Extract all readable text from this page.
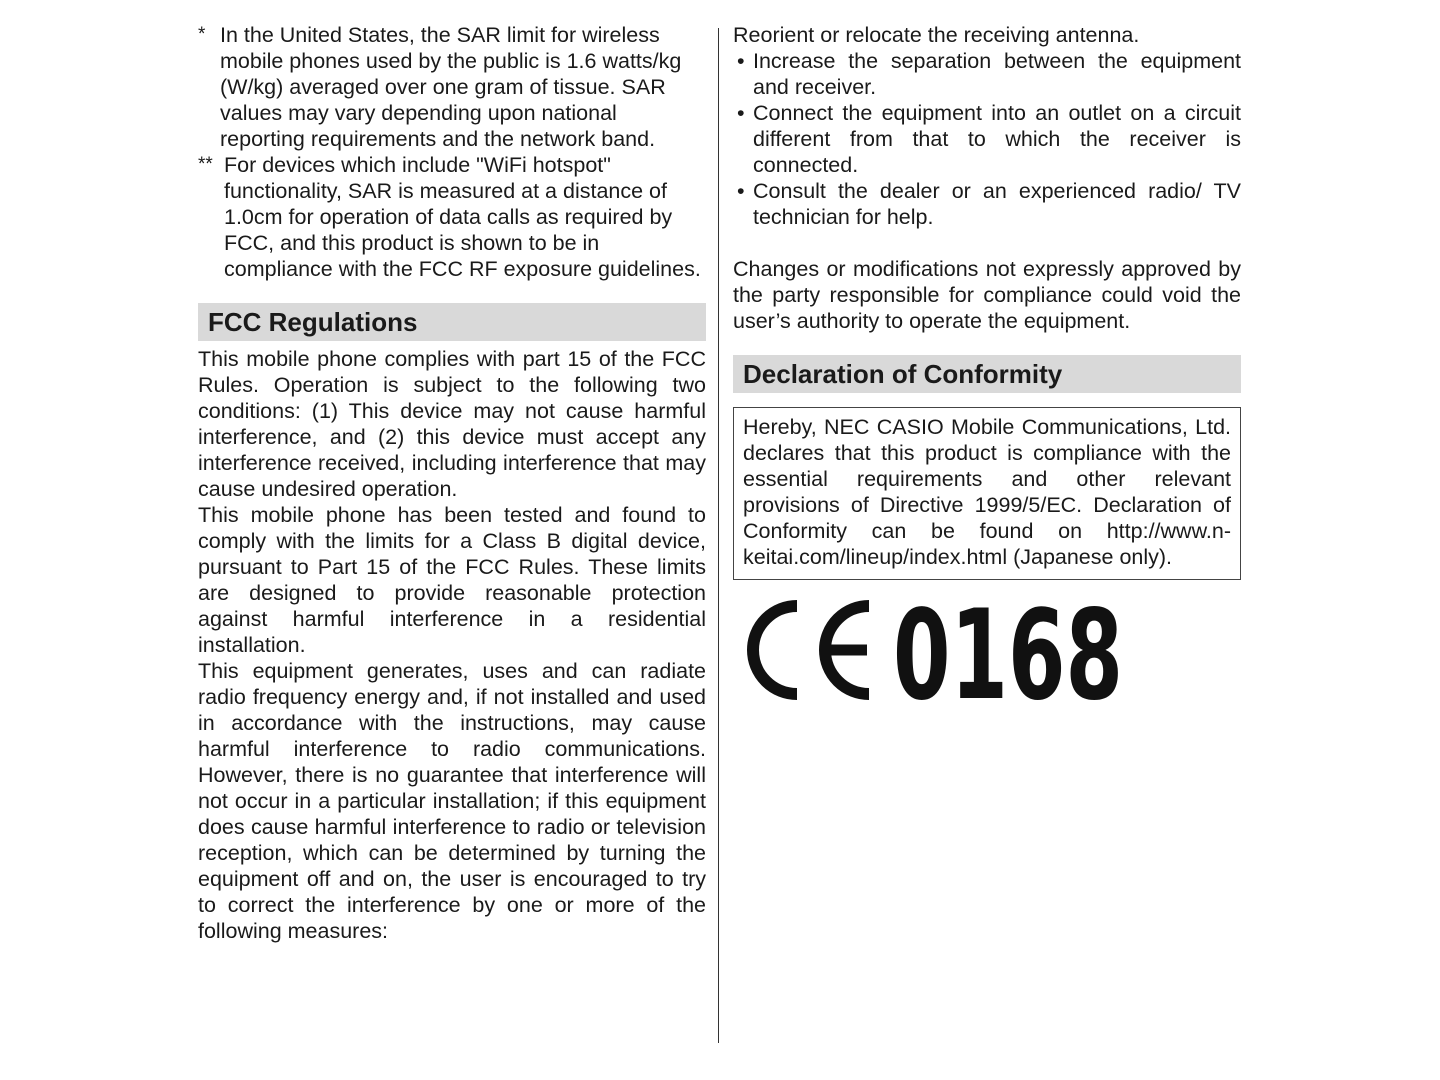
* In the United States, the SAR limit for wireless mobile phones used by the public is 1.6 watts/kg (W/kg) averaged over one gram of tissue. SAR values may vary depending upon national reporting requirements and the network band.

** For devices which include "WiFi hotspot" functionality, SAR is measured at a distance of 1.0cm for operation of data calls as required by FCC, and this product is shown to be in compliance with the FCC RF exposure guidelines.

FCC Regulations

This mobile phone complies with part 15 of the FCC Rules. Operation is subject to the following two conditions: (1) This device may not cause harmful interference, and (2) this device must accept any interference received, including interference that may cause undesired operation.

This mobile phone has been tested and found to comply with the limits for a Class B digital device, pursuant to Part 15 of the FCC Rules. These limits are designed to provide reasonable protection against harmful interference in a residential installation.

This equipment generates, uses and can radiate radio frequency energy and, if not installed and used in accordance with the instructions, may cause harmful interference to radio communications. However, there is no guarantee that interference will not occur in a particular installation; if this equipment does cause harmful interference to radio or television reception, which can be determined by turning the equipment off and on, the user is encouraged to try to correct the interference by one or more of the following measures:

Reorient or relocate the receiving antenna.

• Increase the separation between the equipment and receiver.

• Connect the equipment into an outlet on a circuit different from that to which the receiver is connected.

• Consult the dealer or an experienced radio/ TV technician for help.

Changes or modifications not expressly approved by the party responsible for compliance could void the user’s authority to operate the equipment.

Declaration of Conformity
Hereby, NEC CASIO Mobile Communications, Ltd. declares that this product is compliance with the essential requirements and other relevant provisions of Directive 1999/5/EC. Declaration of Conformity can be found on http://www.n-keitai.com/lineup/index.html (Japanese only).
0168
